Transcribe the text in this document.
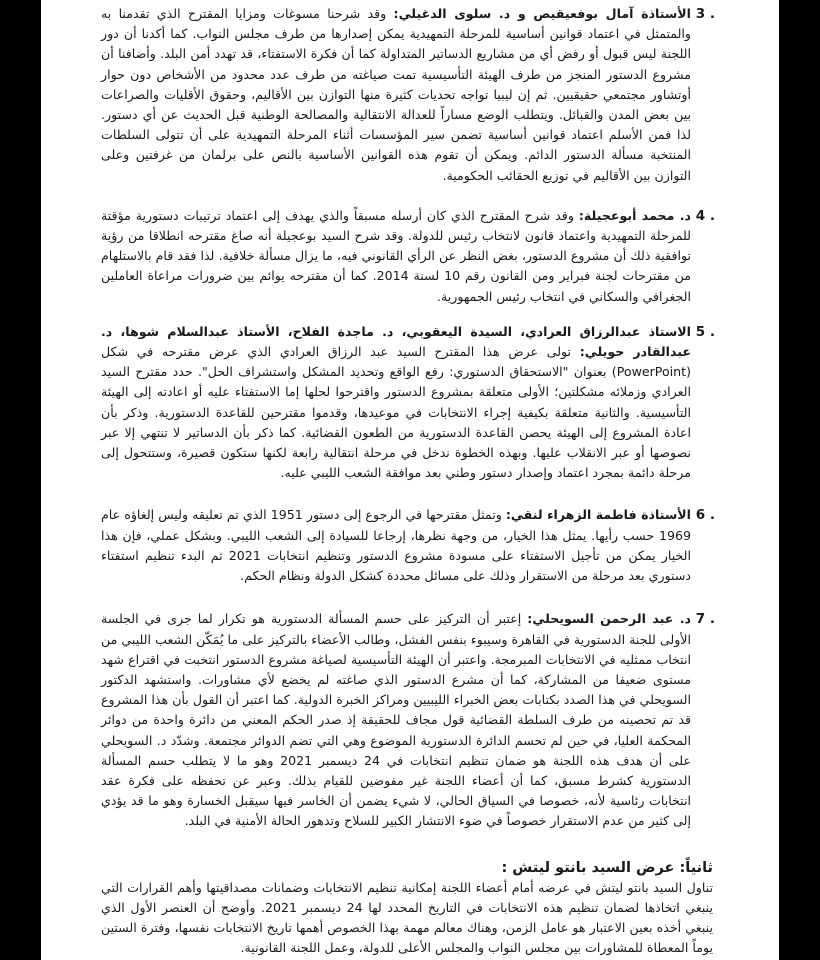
3 .
الأستاذة آمال بوفعيقيص و د. سلوى الدغيلي: وقد شرحنا مسوغات ومزايا المقترح الذي تقدمنا به والمتمثل في اعتماد قوانين أساسية للمرحلة التمهيدية يمكن إصدارها من طرف مجلس النواب. كما أكدنا أن دور اللجنة ليس قبول أو رفض أي من مشاريع الدساتير المتداولة كما أن فكرة الاستفتاء، قد تهدد أمن البلد. وأضافنا أن مشروع الدستور المنجز من طرف الهيئة التأسيسية تمت صياغته من طرف عدد محدود من الأشخاص دون حوار أوتشاور مجتمعي حقيقيين. ثم إن ليبيا تواجه تحديات كثيرة منها التوازن بين الأقاليم، وحقوق الأقليات والصراعات بين بعض المدن والقبائل. ويتطلب الوضع مساراً للعدالة الانتقالية والمصالحة الوطنية قبل الحديث عن أي دستور. لذا فمن الأسلم اعتماد قوانين أساسية تضمن سير المؤسسات أثناء المرحلة التمهيدية على أن تتولى السلطات المنتخبة مسألة الدستور الدائم. ويمكن أن تقوم هذه القوانين الأساسية بالنص على برلمان من غرفتين وعلى التوازن بين الأقاليم في توزيع الحقائب الحكومية.

4 .
د. محمد أبوعجيلة: وقد شرح المقترح الذي كان أرسله مسبقاً والذي يهدف إلى اعتماد ترتيبات دستورية مؤقتة للمرحلة التمهيدية واعتماد قانون لانتخاب رئيس للدولة. وقد شرح السيد بوعجيلة أنه صاغ مقترحه انطلاقا من رؤية توافقية ذلك أن مشروع الدستور، بغض النظر عن الرأي القانوني فيه، ما يزال مسألة خلافية. لذا فقد قام بالاستلهام من مقترحات لجنة فبراير ومن القانون رقم 10 لسنة 2014. كما أن مقترحه يوائم بين ضرورات مراعاة العاملين الجغرافي والسكاني في انتخاب رئيس الجمهورية.

5 .
الاستاذ عبدالرزاق العرادي، السيدة اليعقوبي، د. ماجدة الفلاح، الأستاذ عبدالسلام شوها، د. عبدالقادر حويلي: تولى عرض هذا المقترح السيد عبد الرزاق العرادي الذي عرض مقترحه في شكل (PowerPoint) بعنوان "الاستحقاق الدستوري: رفع الواقع وتحديد المشكل واستشراف الحل". حدد مقترح السيد العرادي وزملائه مشكلتين؛ الأولى متعلقة بمشروع الدستور واقترحوا لحلها إما الاستفتاء عليه أو اعادته إلى الهيئة التأسيسية. والثانية متعلقة بكيفية إجراء الانتخابات في موعيدها، وقدموا مقترحين للقاعدة الدستورية. وذكر بأن اعادة المشروع إلى الهيئة يحصن القاعدة الدستورية من الطعون القضائية. كما ذكر بأن الدساتير لا تنتهي إلا عبر نصوصها أو عبر الانقلاب عليها. وبهذه الخطوة ندخل في مرحلة انتقالية رابعة لكنها ستكون قصيرة، وستتحول إلى مرحلة دائمة بمجرد اعتماد وإصدار دستور وطني بعد موافقة الشعب الليبي عليه.

6 .
الأستاذة فاطمة الزهراء لنقي: وتمثل مقترحها في الرجوع إلى دستور 1951 الذي تم تعليقه وليس إلغاؤه عام 1969 حسب رأيها. يمثل هذا الخيار، من وجهة نظرها، إرجاعا للسيادة إلى الشعب الليبي. وبشكل عملي، فإن هذا الخيار يمكن من تأجيل الاستفتاء على مسودة مشروع الدستور وتنظيم انتخابات 2021 ثم البدء تنظيم استفتاء دستوري بعد مرحلة من الاستقرار وذلك على مسائل محددة كشكل الدولة ونظام الحكم.

7 .
د. عبد الرحمن السويحلي: إعتبر أن التركيز على حسم المسألة الدستورية هو تكرار لما جرى في الجلسة الأولى للجنة الدستورية في القاهرة وسيبوء بنفس الفشل، وطالب الأعضاء بالتركيز على ما يُمَكّن الشعب الليبي من انتخاب ممثليه في الانتخابات المبرمجة. واعتبر أن الهيئة التأسيسية لصياغة مشروع الدستور انتخبت في اقتراع شهد مستوى ضعيفا من المشاركة، كما أن مشرع الدستور الذي صاغته لم يخضع لأي مشاورات. واستشهد الدكتور السويحلي في هذا الصدد بكتابات بعض الخبراء الليبيين ومراكز الخبرة الدولية. كما اعتبر أن القول بأن هذا المشروع قد تم تحصينه من طرف السلطة القضائية قول مجاف للحقيقة إذ صدر الحكم المعني من دائرة واحدة من دوائر المحكمة العليا، في حين لم تحسم الدائرة الدستورية الموضوع وهي التي تضم الدوائر مجتمعة. وشدّد د. السويحلي على أن هدف هذه اللجنة هو ضمان تنظيم انتخابات في 24 ديسمبر 2021 وهو ما لا يتطلب حسم المسألة الدستورية كشرط مسبق، كما أن أعضاء اللجنة غير مفوضين للقيام بذلك. وعبر عن تحفظه على فكرة عقد انتخابات رئاسية لأنه، خصوصا في السياق الحالي، لا شيء يضمن أن الخاسر فيها سيقبل الخسارة وهو ما قد يؤدي إلى كثير من عدم الاستقرار خصوصاً في ضوء الانتشار الكبير للسلاح وتدهور الحالة الأمنية في البلد.

ثانياً: عرض السيد بانتو ليتش :

تناول السيد بانتو ليتش في عرضه أمام أعضاء اللجنة إمكانية تنظيم الانتخابات وضمانات مصداقيتها وأهم القرارات التي ينبغي اتخاذها لضمان تنظيم هذه الانتخابات في التاريخ المحدد لها 24 ديسمبر 2021. وأوضح أن العنصر الأول الذي ينبغي أخذه بعين الاعتبار هو عامل الزمن، وهناك معالم مهمة بهذا الخصوص أهمها تاريخ الانتخابات نفسها، وفترة الستين يوماً المعطاة للمشاورات بين مجلس النواب والمجلس الأعلى للدولة، وعمل اللجنة القانونية.
